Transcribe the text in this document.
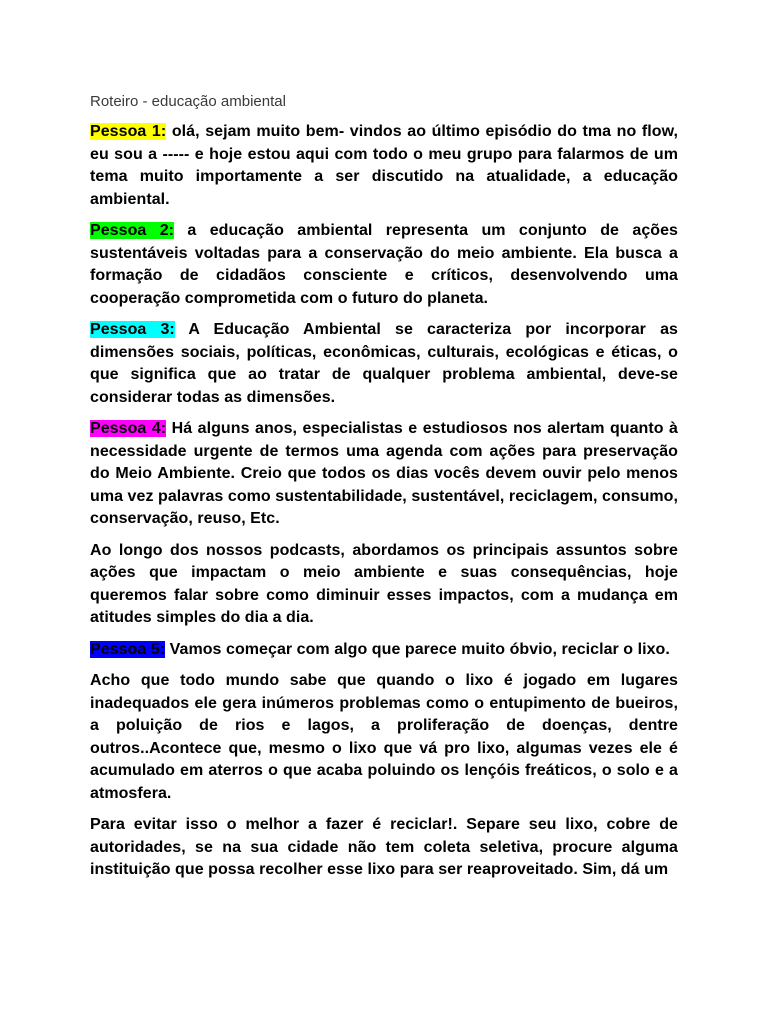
Roteiro - educação ambiental
Pessoa 1: olá, sejam muito bem- vindos ao último episódio do tma no flow, eu sou a ----- e hoje estou aqui com todo o meu grupo para falarmos de um tema muito importamente a ser discutido na atualidade, a educação ambiental.
Pessoa 2: a educação ambiental representa um conjunto de ações sustentáveis voltadas para a conservação do meio ambiente. Ela busca a formação de cidadãos consciente e críticos, desenvolvendo uma cooperação comprometida com o futuro do planeta.
Pessoa 3: A Educação Ambiental se caracteriza por incorporar as dimensões sociais, políticas, econômicas, culturais, ecológicas e éticas, o que significa que ao tratar de qualquer problema ambiental, deve-se considerar todas as dimensões.
Pessoa 4: Há alguns anos, especialistas e estudiosos nos alertam quanto à necessidade urgente de termos uma agenda com ações para preservação do Meio Ambiente. Creio que todos os dias vocês devem ouvir pelo menos uma vez palavras como sustentabilidade, sustentável, reciclagem, consumo, conservação, reuso, Etc.
Ao longo dos nossos podcasts, abordamos os principais assuntos sobre ações que impactam o meio ambiente e suas consequências, hoje queremos falar sobre como diminuir esses impactos, com a mudança em atitudes simples do dia a dia.
Pessoa 5: Vamos começar com algo que parece muito óbvio, reciclar o lixo.
Acho que todo mundo sabe que quando o lixo é jogado em lugares inadequados ele gera inúmeros problemas como o entupimento de bueiros, a poluição de rios e lagos, a proliferação de doenças, dentre outros..Acontece que, mesmo o lixo que vá pro lixo, algumas vezes ele é acumulado em aterros o que acaba poluindo os lençóis freáticos, o solo e a atmosfera.
Para evitar isso o melhor a fazer é reciclar!. Separe seu lixo, cobre de autoridades, se na sua cidade não tem coleta seletiva, procure alguma instituição que possa recolher esse lixo para ser reaproveitado. Sim, dá um
